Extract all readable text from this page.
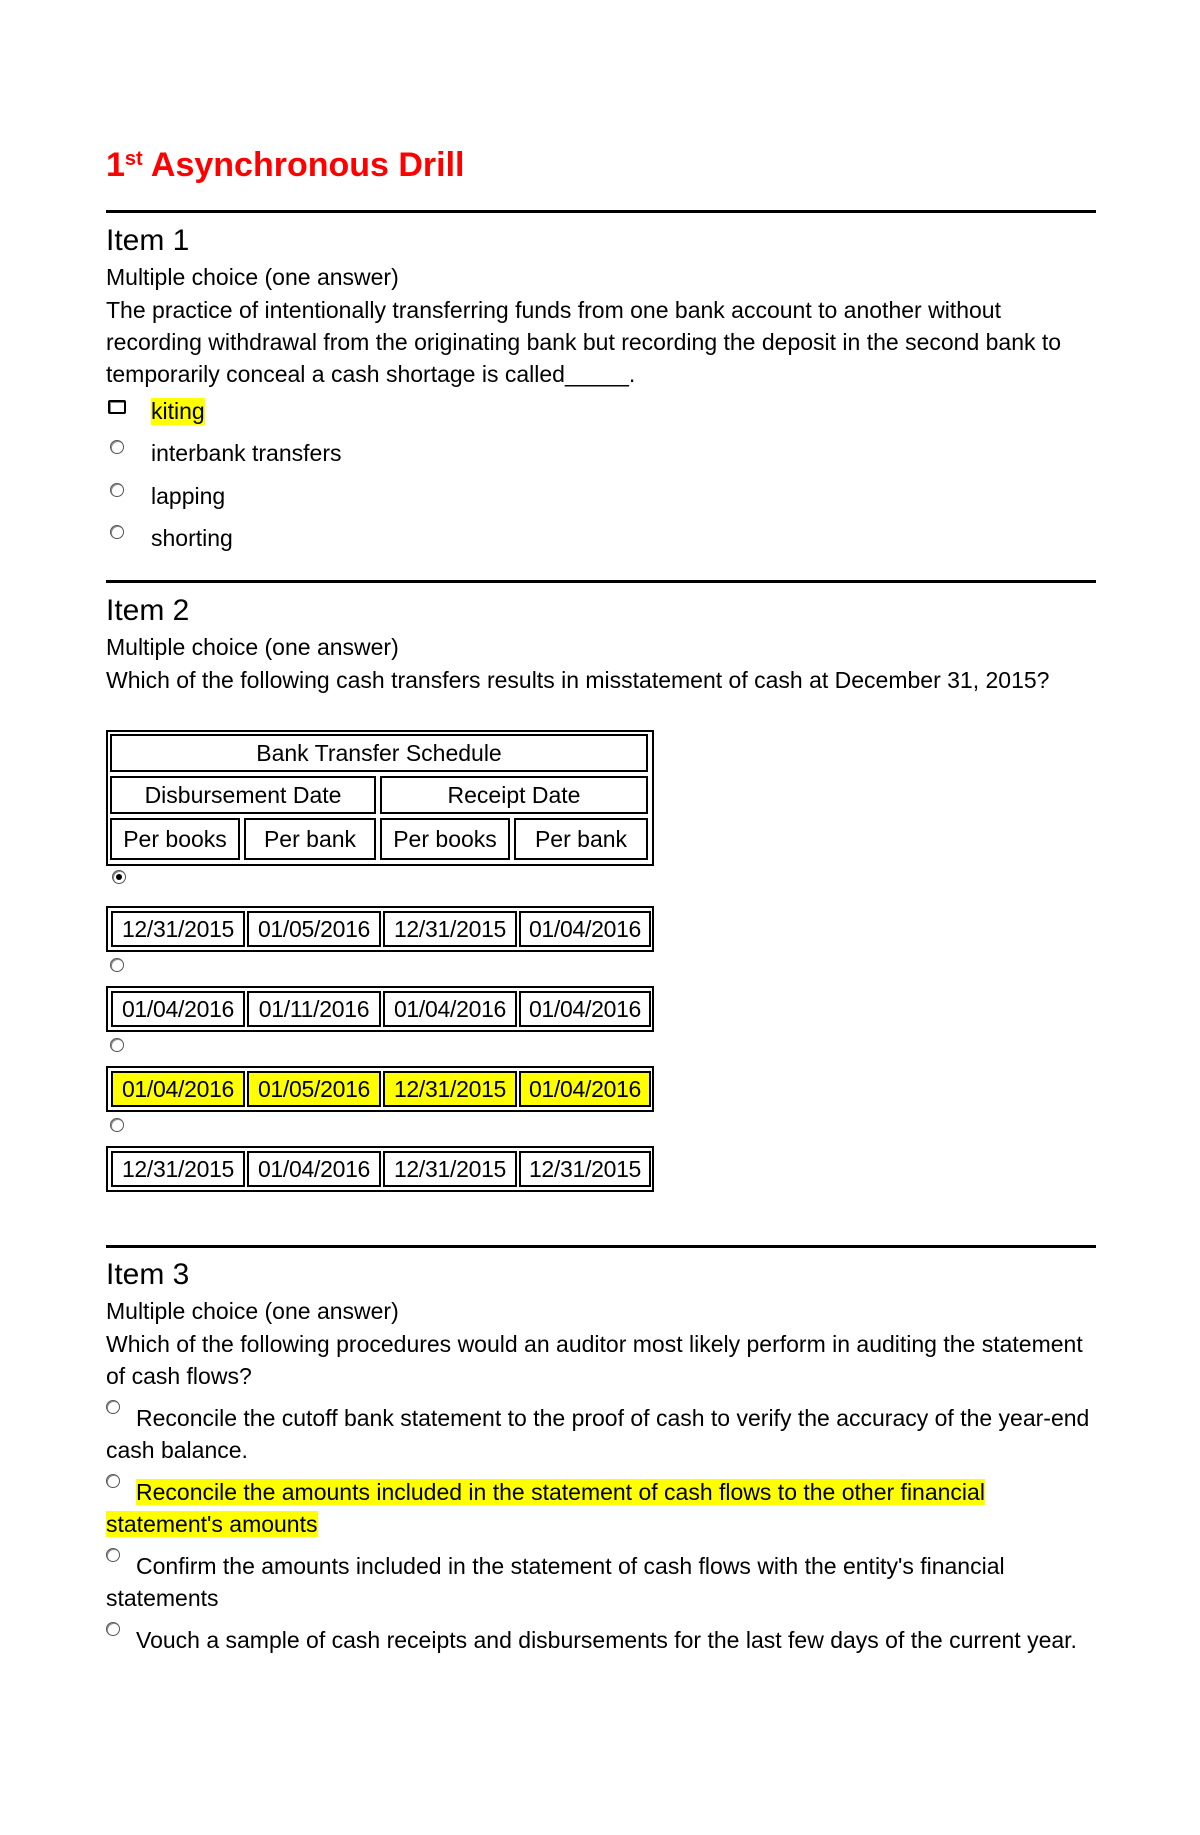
1st Asynchronous Drill
Item 1
Multiple choice (one answer)
The practice of intentionally transferring funds from one bank account to another without recording withdrawal from the originating bank but recording the deposit in the second bank to temporarily conceal a cash shortage is called_____.
kiting
interbank transfers
lapping
shorting
Item 2
Multiple choice (one answer)
Which of the following cash transfers results in misstatement of cash at December 31, 2015?
Bank Transfer Schedule
Disbursement Date	Receipt Date
Per books	Per bank	Per books	Per bank
12/31/2015	01/05/2016	12/31/2015 01/04/2016
01/04/2016	01/11/2016	01/04/2016 01/04/2016
01/04/2016	01/05/2016	12/31/2015 01/04/2016
12/31/2015	01/04/2016	12/31/2015 12/31/2015
Item 3
Multiple choice (one answer)
Which of the following procedures would an auditor most likely perform in auditing the statement of cash flows?
Reconcile the cutoff bank statement to the proof of cash to verify the accuracy of the year-end cash balance.
Reconcile the amounts included in the statement of cash flows to the other financial statement's amounts
Confirm the amounts included in the statement of cash flows with the entity's financial statements
Vouch a sample of cash receipts and disbursements for the last few days of the current year.
